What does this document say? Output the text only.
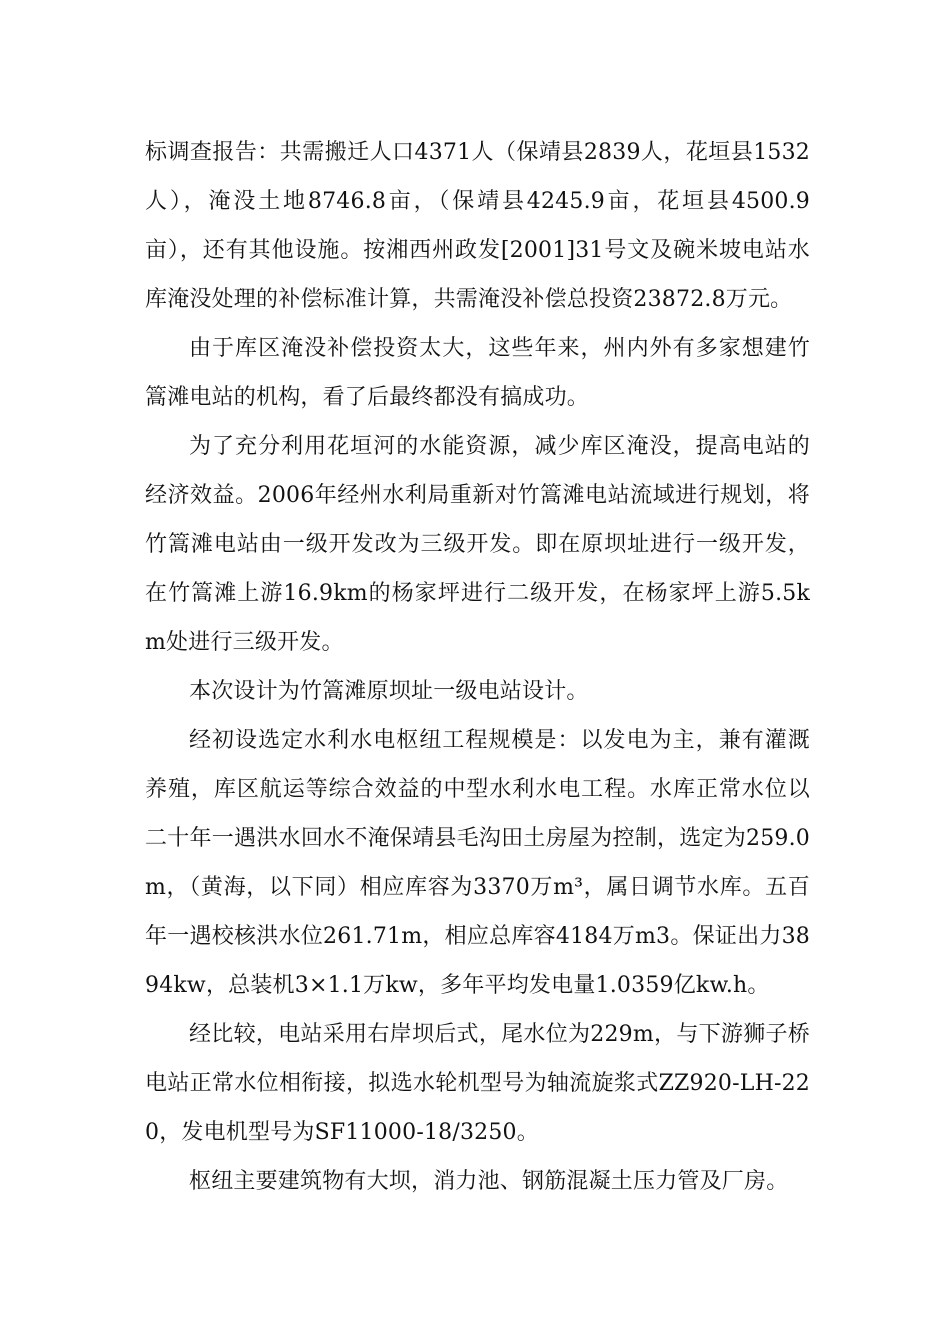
标调查报告：共需搬迁人口4371人（保靖县2839人，花垣县1532人），淹没土地8746.8亩，（保靖县4245.9亩，花垣县4500.9亩），还有其他设施。按湘西州政发[2001]31号文及碗米坡电站水库淹没处理的补偿标准计算，共需淹没补偿总投资23872.8万元。

由于库区淹没补偿投资太大，这些年来，州内外有多家想建竹篙滩电站的机构，看了后最终都没有搞成功。

为了充分利用花垣河的水能资源，减少库区淹没，提高电站的经济效益。2006年经州水利局重新对竹篙滩电站流域进行规划，将竹篙滩电站由一级开发改为三级开发。即在原坝址进行一级开发，在竹篙滩上游16.9km的杨家坪进行二级开发，在杨家坪上游5.5km处进行三级开发。

本次设计为竹篙滩原坝址一级电站设计。

经初设选定水利水电枢纽工程规模是：以发电为主，兼有灌溉养殖，库区航运等综合效益的中型水利水电工程。水库正常水位以二十年一遇洪水回水不淹保靖县毛沟田土房屋为控制，选定为259.0m，（黄海，以下同）相应库容为3370万m³，属日调节水库。五百年一遇校核洪水位261.71m，相应总库容4184万m3。保证出力3894kw，总装机3×1.1万kw，多年平均发电量1.0359亿kw.h。

经比较，电站采用右岸坝后式，尾水位为229m，与下游狮子桥电站正常水位相衔接，拟选水轮机型号为轴流旋浆式ZZ920-LH-220，发电机型号为SF11000-18/3250。

枢纽主要建筑物有大坝，消力池、钢筋混凝土压力管及厂房。
